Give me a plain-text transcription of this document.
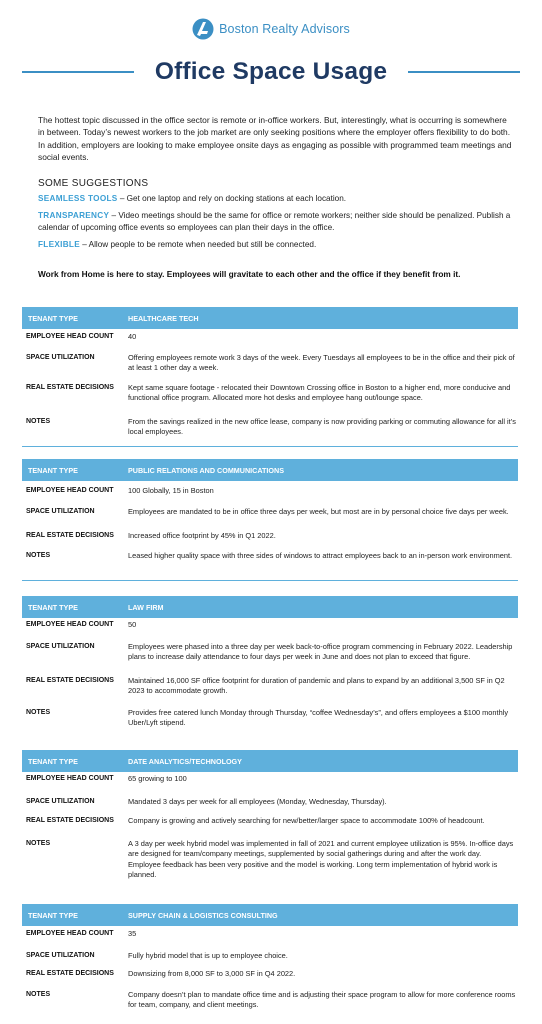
Boston Realty Advisors
Office Space Usage
The hottest topic discussed in the office sector is remote or in-office workers. But, interestingly, what is occurring is somewhere in between. Today’s newest workers to the job market are only seeking positions where the employer offers flexibility to do both. In addition, employers are looking to make employee onsite days as engaging as possible with programmed team meetings and social events.
SOME SUGGESTIONS
SEAMLESS TOOLS – Get one laptop and rely on docking stations at each location.
TRANSPARENCY – Video meetings should be the same for office or remote workers; neither side should be penalized. Publish a calendar of upcoming office events so employees can plan their days in the office.
FLEXIBLE – Allow people to be remote when needed but still be connected.
Work from Home is here to stay. Employees will gravitate to each other and the office if they benefit from it.
TENANT TYPE	HEALTHCARE TECH
EMPLOYEE HEAD COUNT	40
SPACE UTILIZATION	Offering employees remote work 3 days of the week. Every Tuesdays all employees to be in the office and their pick of at least 1 other day a week.
REAL ESTATE DECISIONS	Kept same square footage - relocated their Downtown Crossing office in Boston to a higher end, more conducive and functional office program. Allocated more hot desks and employee hang out/lounge space.
NOTES	From the savings realized in the new office lease, company is now providing parking or commuting allowance for all it’s local employees.
TENANT TYPE	PUBLIC RELATIONS AND COMMUNICATIONS
EMPLOYEE HEAD COUNT	100 Globally, 15 in Boston
SPACE UTILIZATION	Employees are mandated to be in office three days per week, but most are in by personal choice five days per week.
REAL ESTATE DECISIONS	Increased office footprint by 45% in Q1 2022.
NOTES	Leased higher quality space with three sides of windows to attract employees back to an in-person work environment.
TENANT TYPE	LAW FIRM
EMPLOYEE HEAD COUNT	50
SPACE UTILIZATION	Employees were phased into a three day per week back-to-office program commencing in February 2022. Leadership plans to increase daily attendance to four days per week in June and does not plan to exceed that figure.
REAL ESTATE DECISIONS	Maintained 16,000 SF office footprint for duration of pandemic and plans to expand by an additional 3,500 SF in Q2 2023 to accommodate growth.
NOTES	Provides free catered lunch Monday through Thursday, “coffee Wednesday’s”, and offers employees a $100 monthly Uber/Lyft stipend.
TENANT TYPE	DATE ANALYTICS/TECHNOLOGY
EMPLOYEE HEAD COUNT	65 growing to 100
SPACE UTILIZATION	Mandated 3 days per week for all employees (Monday, Wednesday, Thursday).
REAL ESTATE DECISIONS	Company is growing and actively searching for new/better/larger space to accommodate 100% of headcount.
NOTES	A 3 day per week hybrid model was implemented in fall of 2021 and current employee utilization is 95%. In-office days are designed for team/company meetings, supplemented by social gatherings during and after the work day. Employee feedback has been very positive and the model is working. Long term implementation of hybrid work is planned.
TENANT TYPE	SUPPLY CHAIN & LOGISTICS CONSULTING
EMPLOYEE HEAD COUNT	35
SPACE UTILIZATION	Fully hybrid model that is up to employee choice.
REAL ESTATE DECISIONS	Downsizing from 8,000 SF to 3,000 SF in Q4 2022.
NOTES	Company doesn’t plan to mandate office time and is adjusting their space program to allow for more conference rooms for team, company, and client meetings.
